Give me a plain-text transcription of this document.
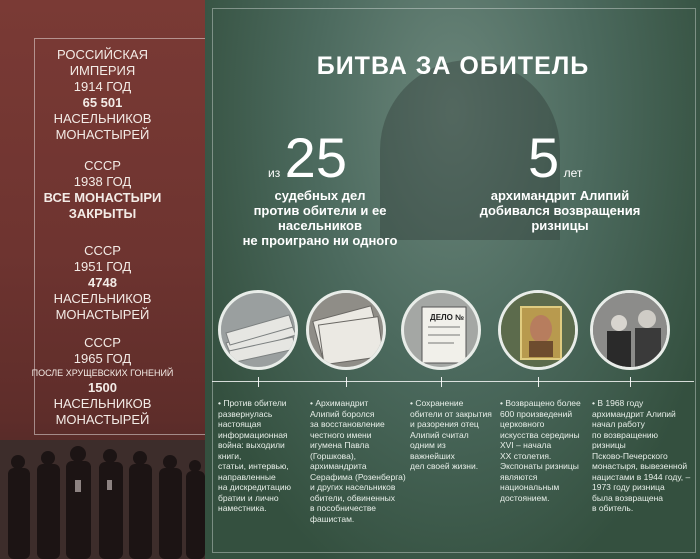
РОССИЙСКАЯ
ИМПЕРИЯ
1914 ГОД
65 501
НАСЕЛЬНИКОВ
МОНАСТЫРЕЙ
СССР
1938 ГОД
ВСЕ МОНАСТЫРИ
ЗАКРЫТЫ
СССР
1951 ГОД
4748
НАСЕЛЬНИКОВ
МОНАСТЫРЕЙ
СССР
1965 ГОД
ПОСЛЕ ХРУЩЕВСКИХ ГОНЕНИЙ
1500
НАСЕЛЬНИКОВ
МОНАСТЫРЕЙ
БИТВА ЗА ОБИТЕЛЬ
из 25
судебных дел
против обители и ее насельников
не проиграно ни одного
5 лет
архимандрит Алипий
добивался возвращения
ризницы
ДЕЛО №
• Против обители
развернулась
настоящая
информационная
война: выходили книги,
статьи, интервью,
направленные
на дискредитацию
братии и лично
наместника.
• Архимандрит
Алипий боролся
за восстановление
честного имени
игумена Павла
(Горшкова),
архимандрита
Серафима (Розенберга)
и других насельников
обители, обвиненных
в пособничестве
фашистам.
• Сохранение
обители от закрытия
и разорения отец
Алипий считал
одним из
важнейших
дел своей жизни.
• Возвращено более
600 произведений
церковного
искусства середины
XVI – начала
XX столетия.
Экспонаты ризницы
являются
национальным
достоянием.
• В 1968 году
архимандрит Алипий
начал работу
по возвращению
ризницы
Псково-Печерского
монастыря, вывезенной
нацистами в 1944 году, –
1973 году ризница
была возвращена
в обитель.
